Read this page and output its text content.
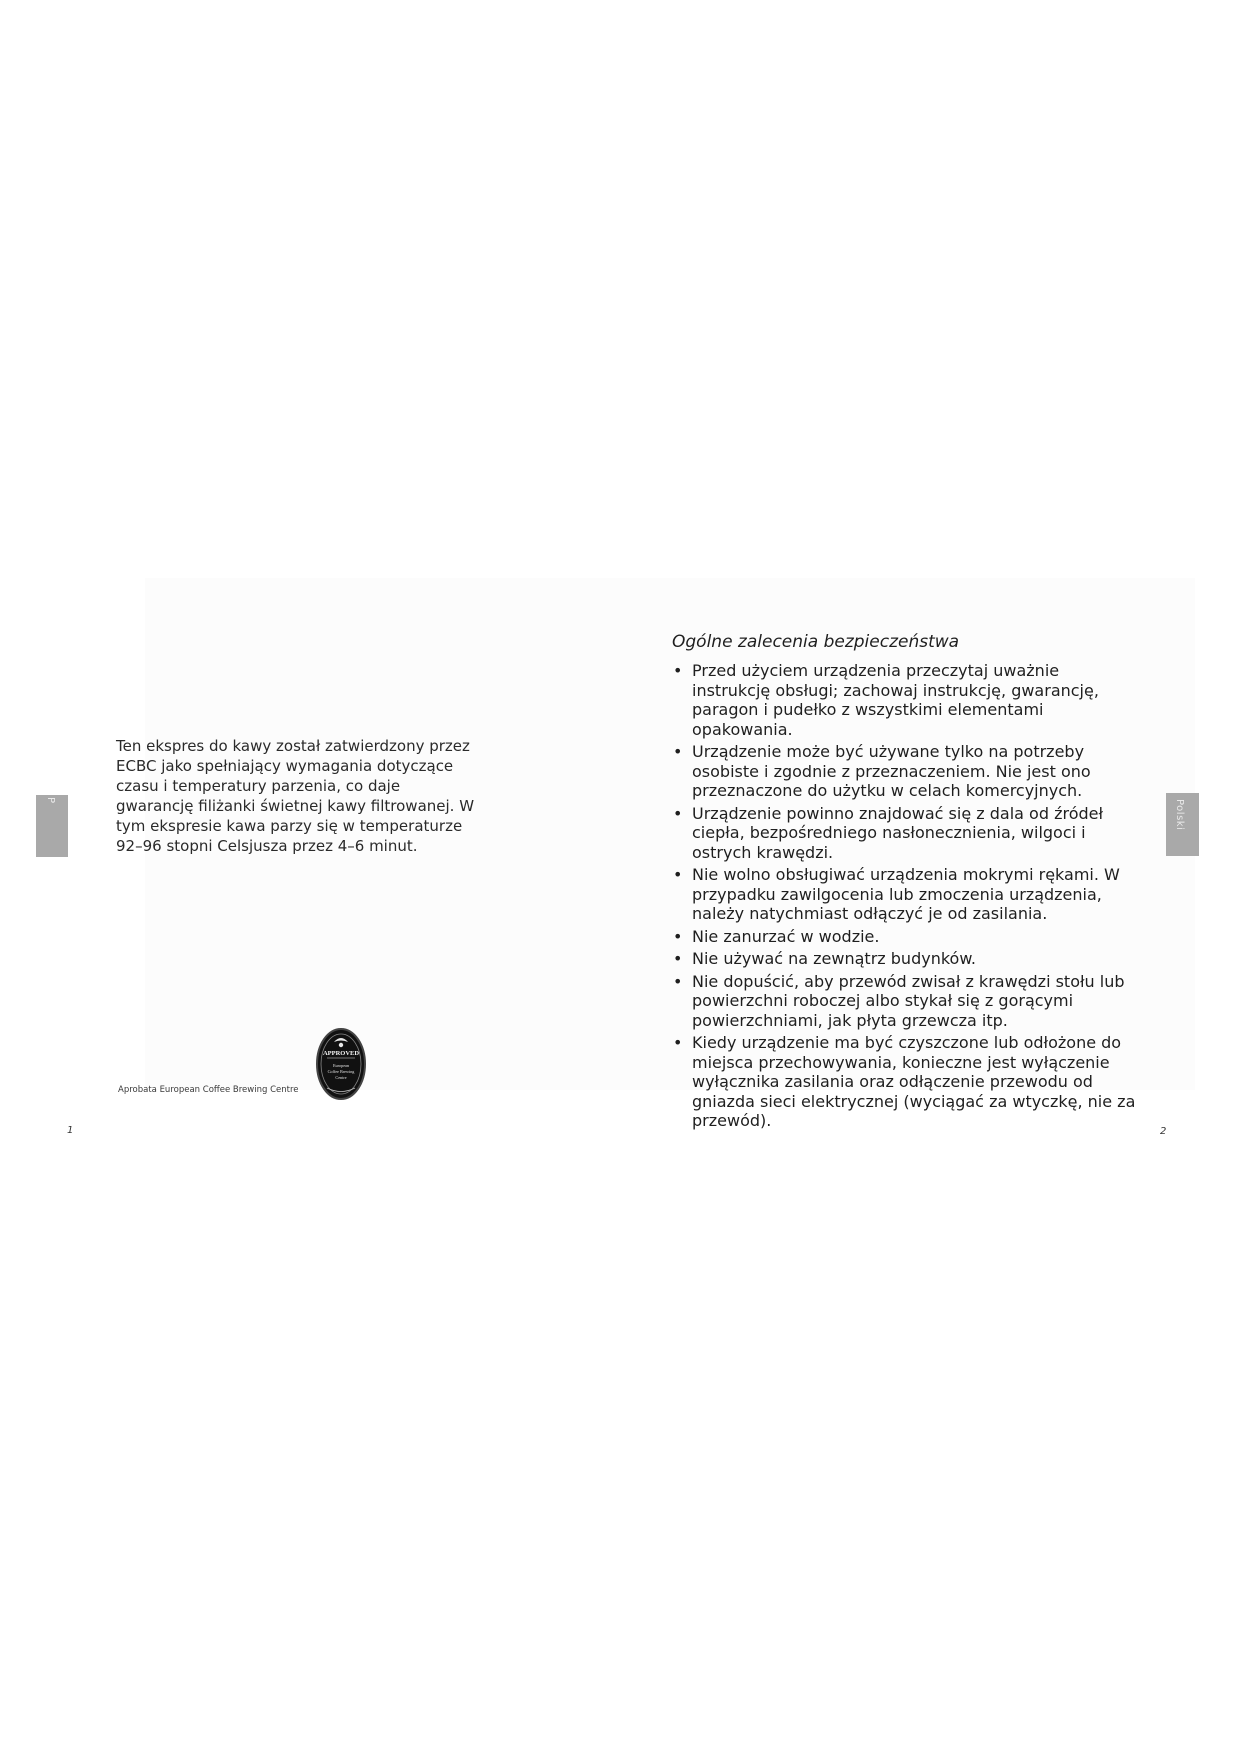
P

Ten ekspres do kawy został zatwierdzony przez ECBC jako spełniający wymagania dotyczące czasu i temperatury parzenia, co daje gwarancję filiżanki świetnej kawy filtrowanej. W tym ekspresie kawa parzy się w temperaturze 92–96 stopni Celsjusza przez 4–6 minut.

Aprobata European Coffee Brewing Centre
APPROVED
European
Coffee Brewing
Centre
1
Ogólne zalecenia bezpieczeństwa
• Przed użyciem urządzenia przeczytaj uważnie instrukcję obsługi; zachowaj instrukcję, gwarancję, paragon i pudełko z wszystkimi elementami opakowania.
• Urządzenie może być używane tylko na potrzeby osobiste i zgodnie z przeznaczeniem. Nie jest ono przeznaczone do użytku w celach komercyjnych.
• Urządzenie powinno znajdować się z dala od źródeł ciepła, bezpośredniego nasłonecznienia, wilgoci i ostrych krawędzi.
• Nie wolno obsługiwać urządzenia mokrymi rękami. W przypadku zawilgocenia lub zmoczenia urządzenia, należy natychmiast odłączyć je od zasilania.
• Nie zanurzać w wodzie.
• Nie używać na zewnątrz budynków.
• Nie dopuścić, aby przewód zwisał z krawędzi stołu lub powierzchni roboczej albo stykał się z gorącymi powierzchniami, jak płyta grzewcza itp.
• Kiedy urządzenie ma być czyszczone lub odłożone do miejsca przechowywania, konieczne jest wyłączenie wyłącznika zasilania oraz odłączenie przewodu od gniazda sieci elektrycznej (wyciągać za wtyczkę, nie za przewód).
Polski
2
